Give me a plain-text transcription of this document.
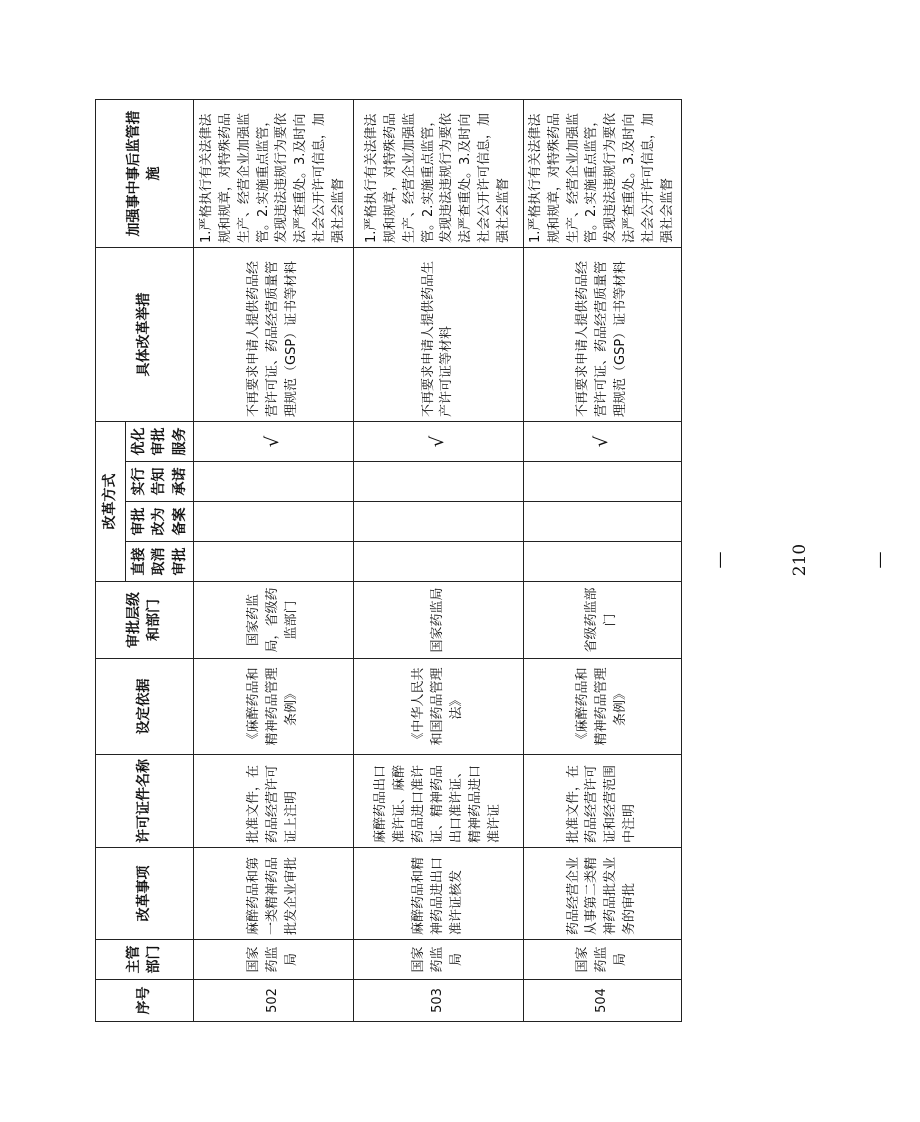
序号	主管部门	改革事项	许可证件名称	设定依据	审批层级和部门	改革方式				具体改革举措	加强事中事后监管措施
						直接取消审批	审批改为备案	实行告知承诺	优化审批服务		
502	国家药监局	麻醉药品和第一类精神药品批发企业审批	批准文件，在药品经营许可证上注明	《麻醉药品和精神药品管理条例》	国家药监局，省级药监部门				√	不再要求申请人提供药品经营许可证、药品经营质量管理规范（GSP）证书等材料	1.严格执行有关法律法规和规章，对特殊药品生产、经营企业加强监管。2.实施重点监管，发现违法违规行为要依法严查重处。3.及时向社会公开许可信息，加强社会监督
503	国家药监局	麻醉药品和精神药品进出口准许证核发	麻醉药品出口准许证、麻醉药品进口准许证、精神药品出口准许证、精神药品进口准许证	《中华人民共和国药品管理法》	国家药监局				√	不再要求申请人提供药品生产许可证等材料	1.严格执行有关法律法规和规章，对特殊药品生产、经营企业加强监管。2.实施重点监管，发现违法违规行为要依法严查重处。3.及时向社会公开许可信息，加强社会监督
504	国家药监局	药品经营企业从事第二类精神药品批发业务的审批	批准文件，在药品经营许可证和经营范围中注明	《麻醉药品和精神药品管理条例》	省级药监部门				√	不再要求申请人提供药品经营许可证、药品经营质量管理规范（GSP）证书等材料	1.严格执行有关法律法规和规章，对特殊药品生产、经营企业加强监管。2.实施重点监管，发现违法违规行为要依法严查重处。3.及时向社会公开许可信息，加强社会监督
— 210 —
